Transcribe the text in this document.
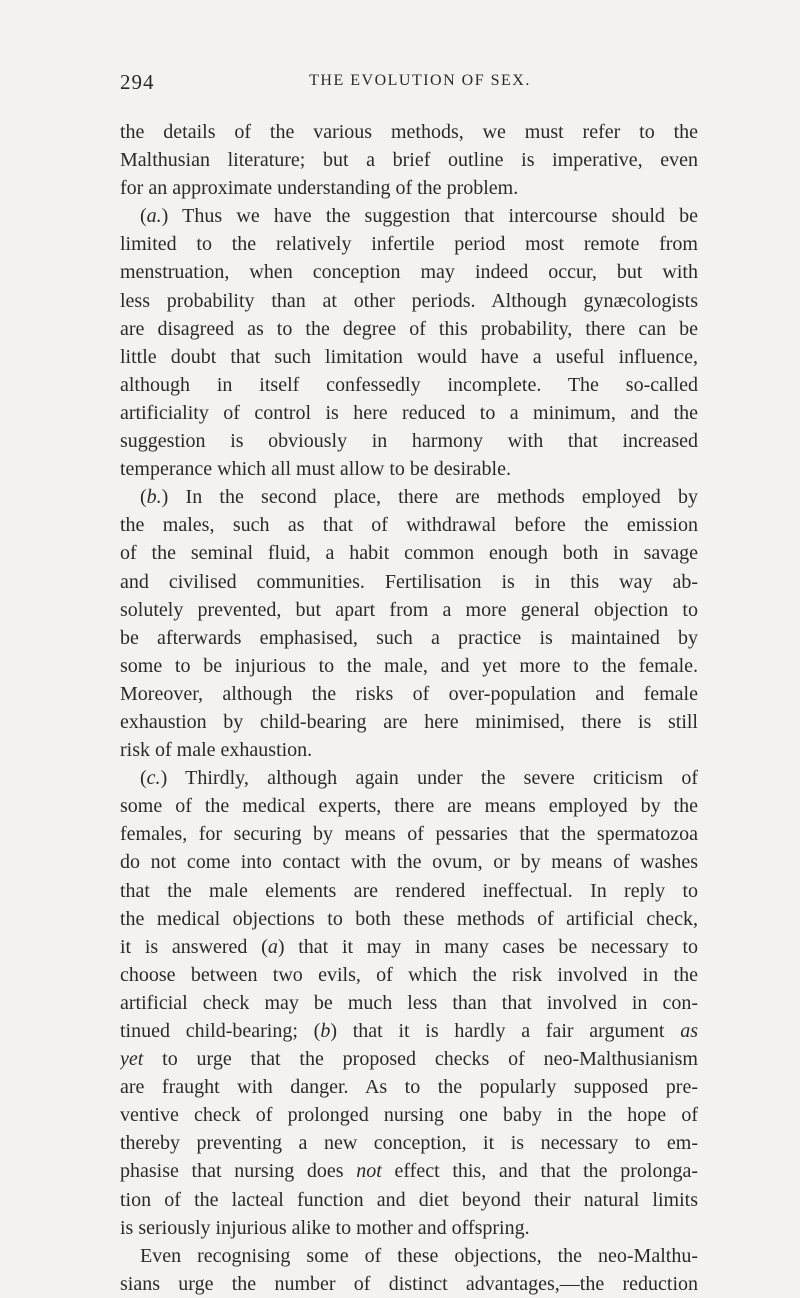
294	THE EVOLUTION OF SEX.
the details of the various methods, we must refer to the
Malthusian literature; but a brief outline is imperative, even
for an approximate understanding of the problem.
(a.) Thus we have the suggestion that intercourse should be
limited to the relatively infertile period most remote from
menstruation, when conception may indeed occur, but with
less probability than at other periods. Although gynæcologists
are disagreed as to the degree of this probability, there can be
little doubt that such limitation would have a useful influence,
although in itself confessedly incomplete. The so-called
artificiality of control is here reduced to a minimum, and the
suggestion is obviously in harmony with that increased
temperance which all must allow to be desirable.
(b.) In the second place, there are methods employed by
the males, such as that of withdrawal before the emission
of the seminal fluid, a habit common enough both in savage
and civilised communities. Fertilisation is in this way ab-
solutely prevented, but apart from a more general objection to
be afterwards emphasised, such a practice is maintained by
some to be injurious to the male, and yet more to the female.
Moreover, although the risks of over-population and female
exhaustion by child-bearing are here minimised, there is still
risk of male exhaustion.
(c.) Thirdly, although again under the severe criticism of
some of the medical experts, there are means employed by the
females, for securing by means of pessaries that the spermatozoa
do not come into contact with the ovum, or by means of washes
that the male elements are rendered ineffectual. In reply to
the medical objections to both these methods of artificial check,
it is answered (a) that it may in many cases be necessary to
choose between two evils, of which the risk involved in the
artificial check may be much less than that involved in con-
tinued child-bearing; (b) that it is hardly a fair argument as
yet to urge that the proposed checks of neo-Malthusianism
are fraught with danger. As to the popularly supposed pre-
ventive check of prolonged nursing one baby in the hope of
thereby preventing a new conception, it is necessary to em-
phasise that nursing does not effect this, and that the prolonga-
tion of the lacteal function and diet beyond their natural limits
is seriously injurious alike to mother and offspring.
Even recognising some of these objections, the neo-Malthu-
sians urge the number of distinct advantages,—the reduction
